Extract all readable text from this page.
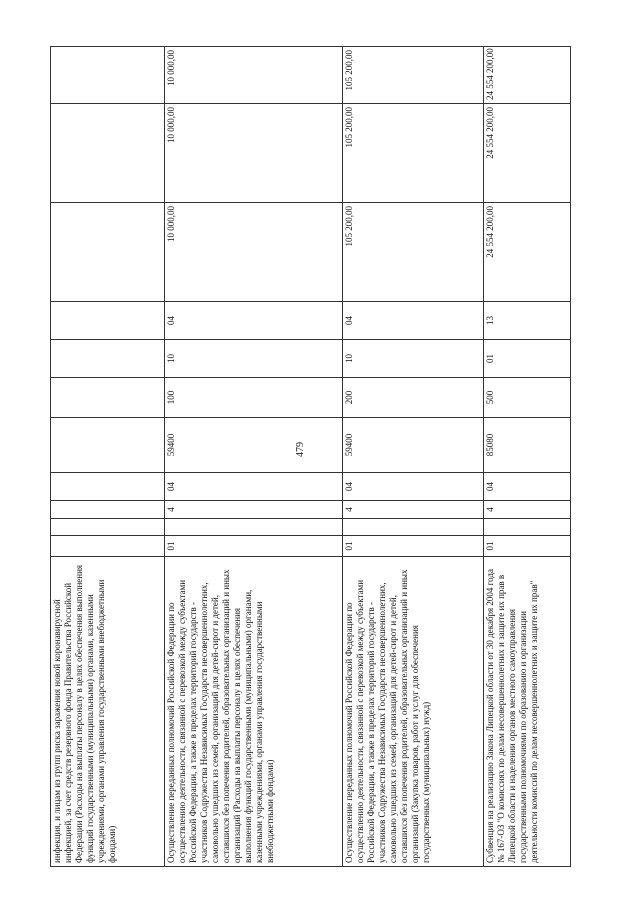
479
инфекция, и лицам из групп риска заражения новой коронавирусной инфекцией, за счет средств резервного фонда Правительства Российской Федерации (Расходы на выплаты персоналу в целях обеспечения выполнения функций государственными (муниципальными) органами, казенными учреждениями, органами управления государственными внебюджетными фондами)											
Осуществление переданных полномочий Российской Федерации по осуществлению деятельности, связанной с перевозкой между субъектами Российской Федерации, а также в пределах территорий государств - участников Содружества Независимых Государств несовершеннолетних, самовольно ушедших из семей, организаций для детей-сирот и детей, оставшихся без попечения родителей, образовательных организаций и иных организаций (Расходы на выплаты персоналу в целях обеспечения выполнения функций государственными (муниципальными) органами, казенными учреждениями, органами управления государственными внебюджетными фондами)	01		4	04	59400	100	10	04	10 000,00	10 000,00	10 000,00
Осуществление переданных полномочий Российской Федерации по осуществлению деятельности, связанной с перевозкой между субъектами Российской Федерации, а также в пределах территорий государств - участников Содружества Независимых Государств несовершеннолетних, самовольно ушедших из семей, организаций для детей-сирот и детей, оставшихся без попечения родителей, образовательных организаций и иных организаций (Закупка товаров, работ и услуг для обеспечения государственных (муниципальных) нужд)	01		4	04	59400	200	10	04	105 200,00	105 200,00	105 200,00
Субвенция на реализацию Закона Липецкой области от 30 декабря 2004 года № 167-ОЗ "О комиссиях по делам несовершеннолетних и защите их прав в Липецкой области и наделении органов местного самоуправления государственными полномочиями по образованию и организации деятельности комиссий по делам несовершеннолетних и защите их прав"	01		4	04	85080	500	01	13	24 554 200,00	24 554 200,00	24 554 200,00
